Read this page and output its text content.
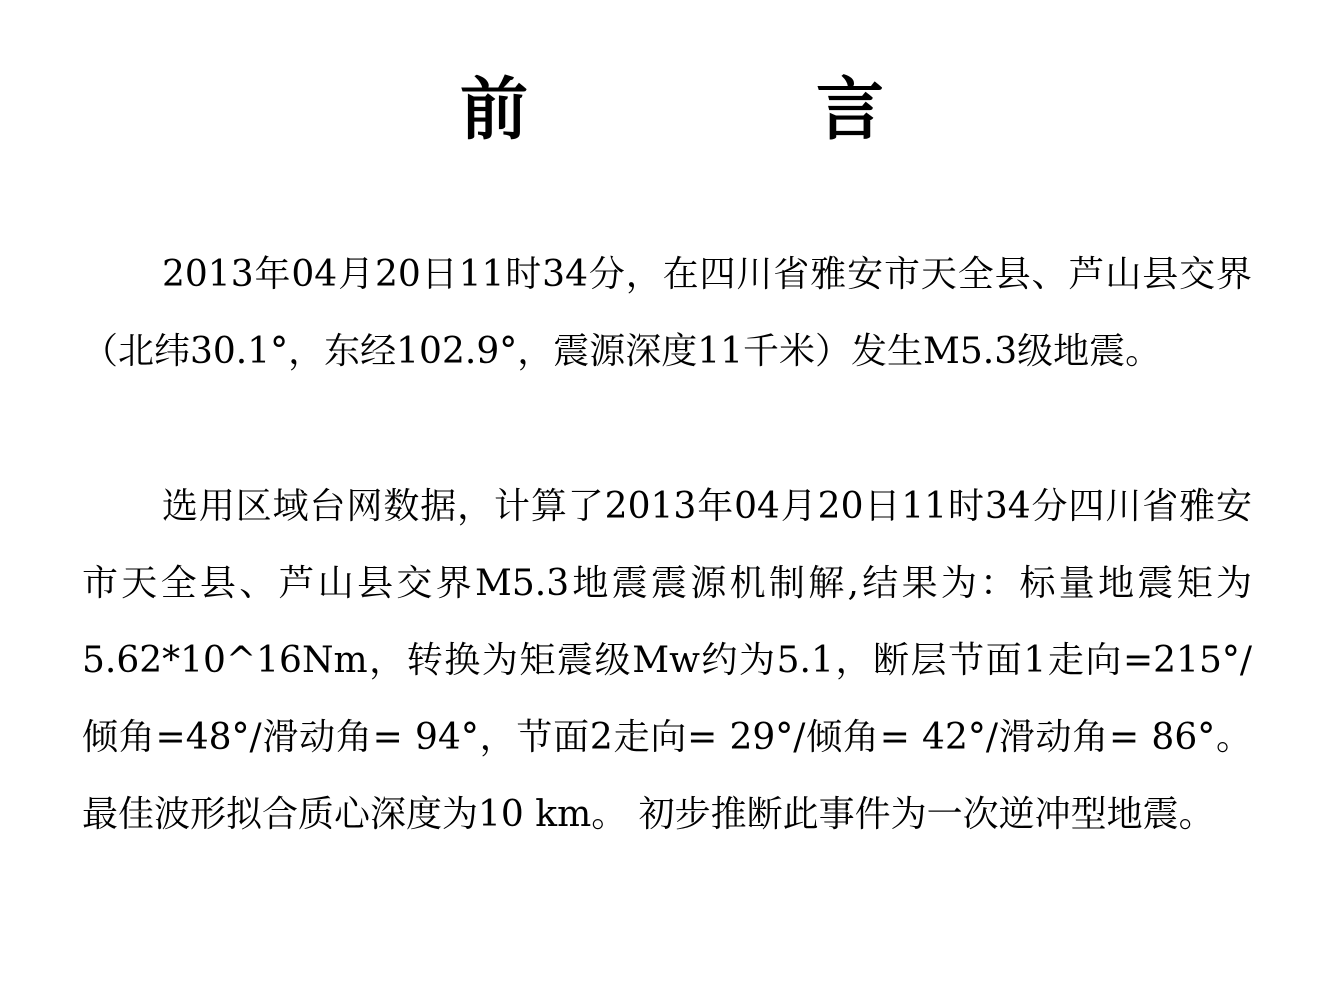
前　言

2013年04月20日11时34分，在四川省雅安市天全县、芦山县交界（北纬30.1°，东经102.9°，震源深度11千米）发生M5.3级地震。

选用区域台网数据，计算了2013年04月20日11时34分四川省雅安市天全县、芦山县交界M5.3地震震源机制解,结果为：标量地震矩为5.62*10^16Nm，转换为矩震级Mw约为5.1，断层节面1走向=215°/倾角=48°/滑动角= 94°，节面2走向= 29°/倾角= 42°/滑动角= 86°。最佳波形拟合质心深度为10 km。 初步推断此事件为一次逆冲型地震。
